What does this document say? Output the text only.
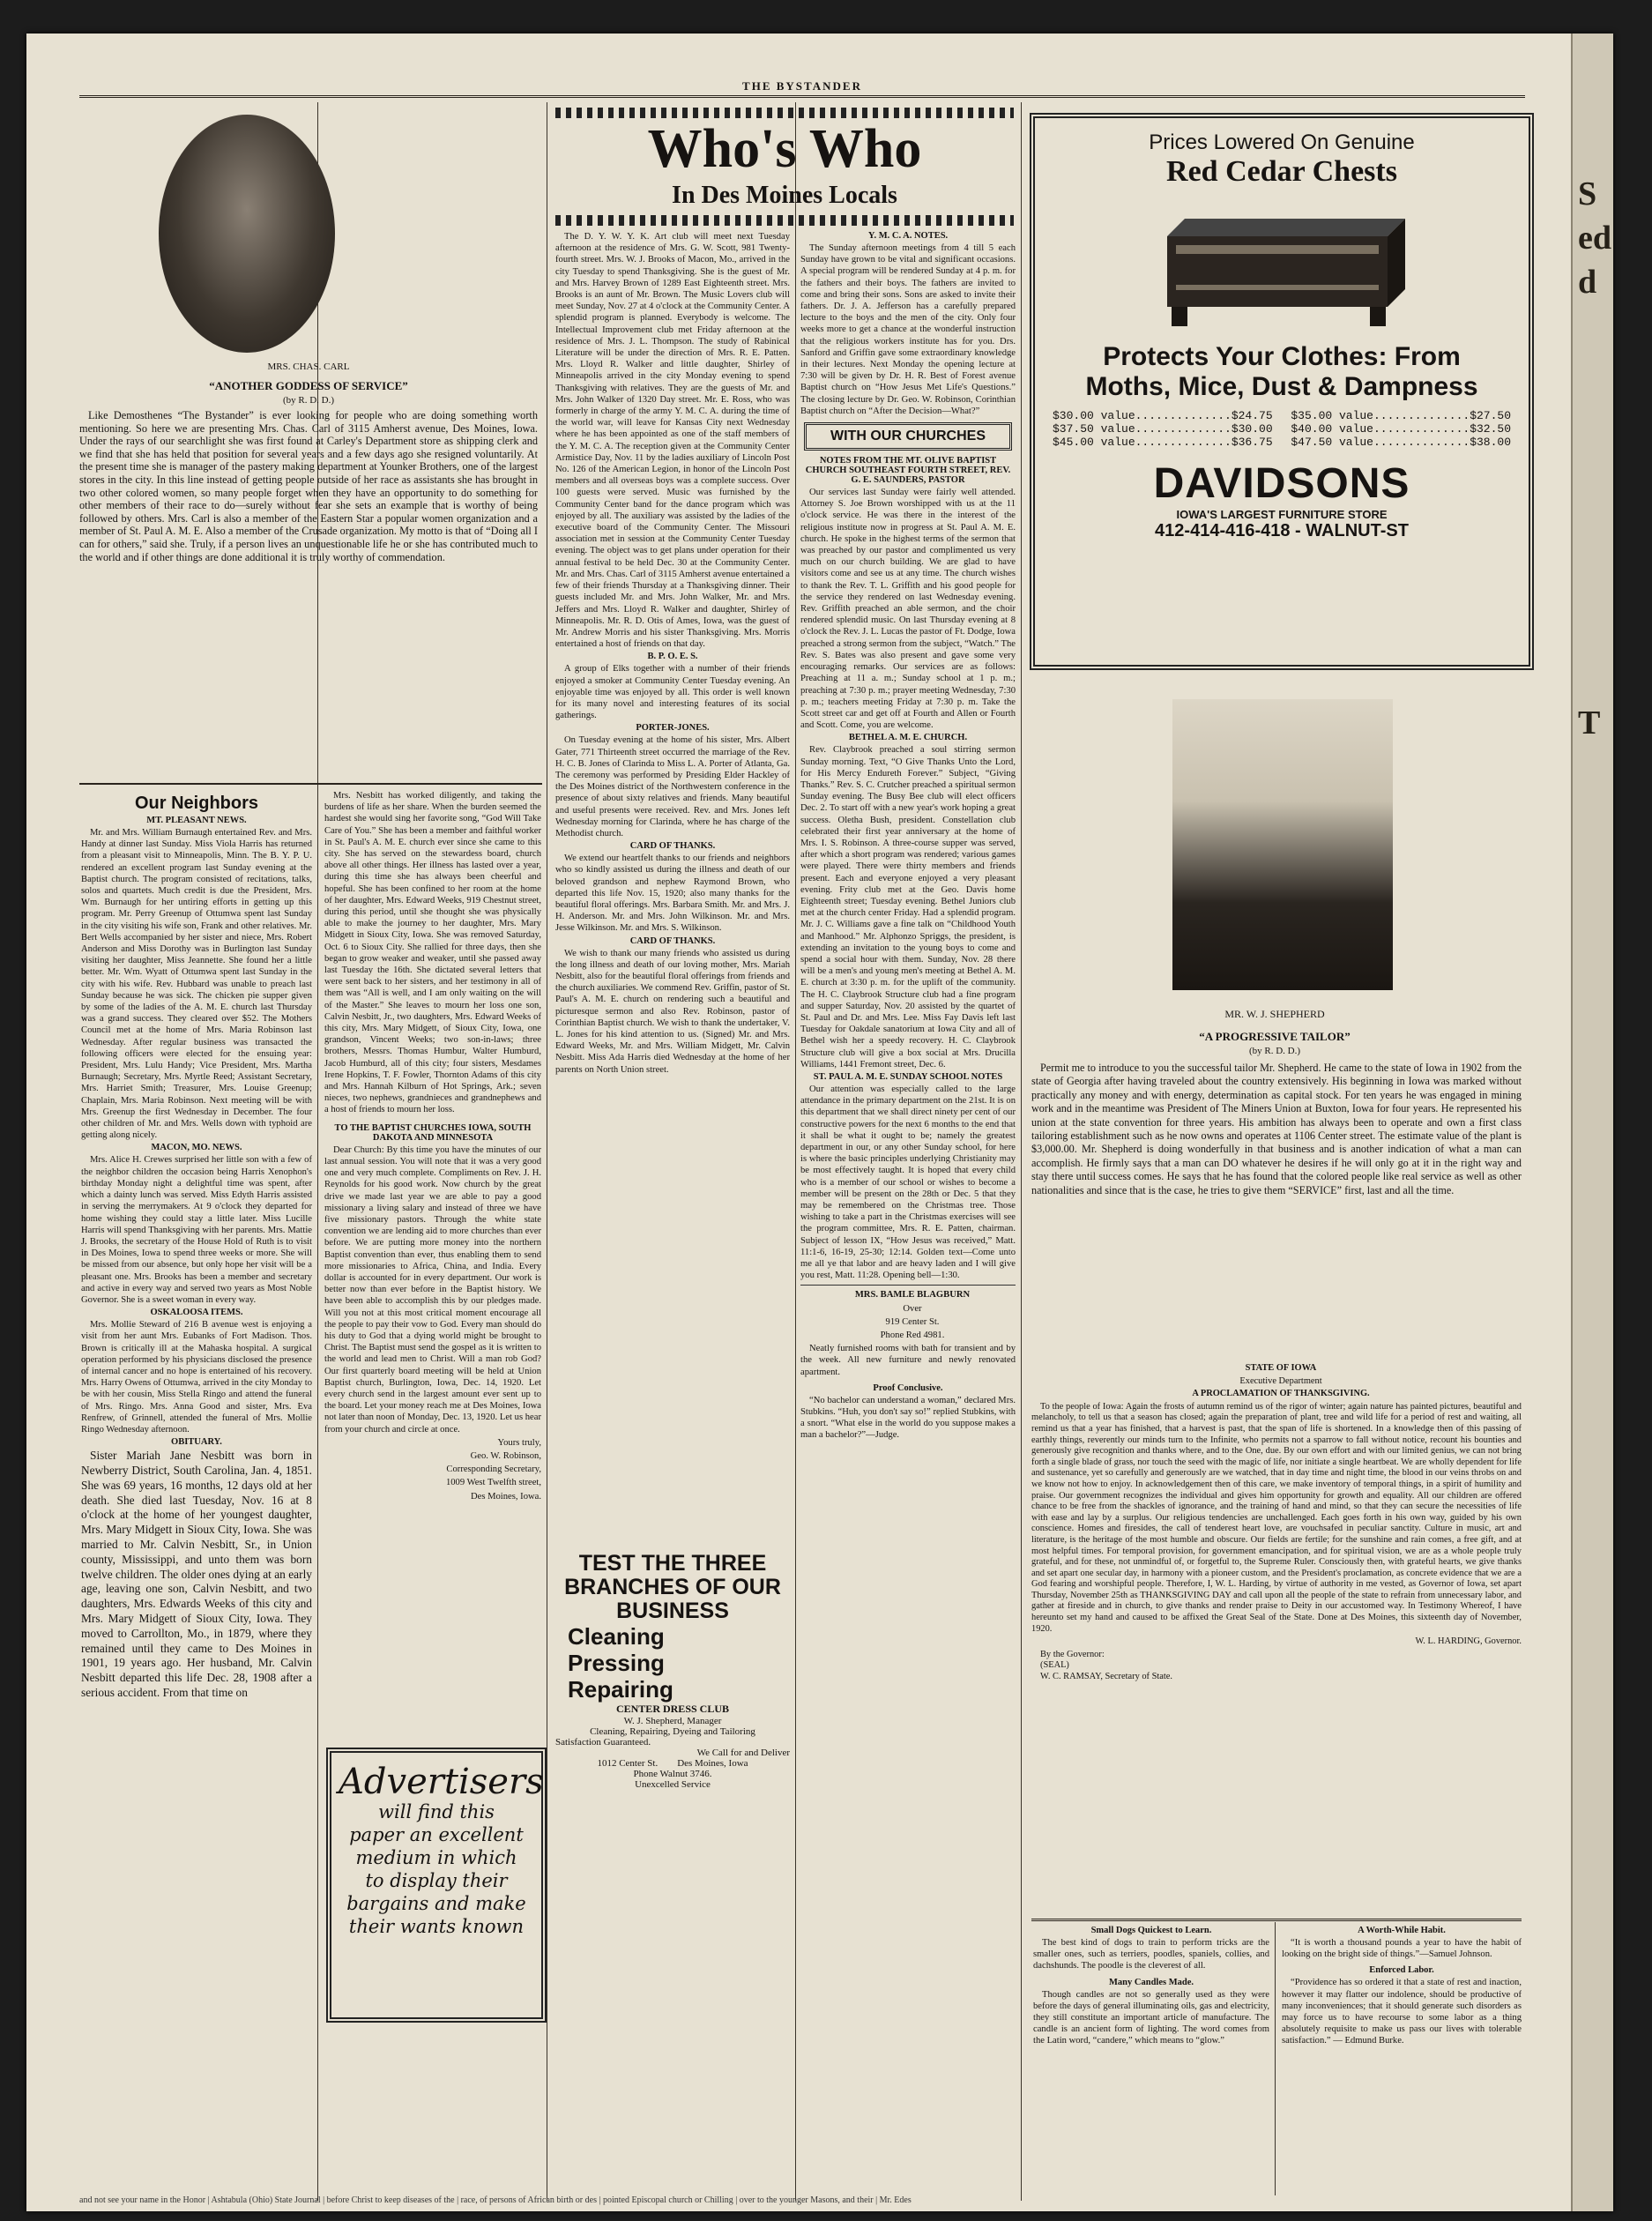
THE BYSTANDER
MRS. CHAS. CARL
“ANOTHER GODDESS OF SERVICE”
(by R. D. D.)

Like Demosthenes “The Bystander” is ever looking for people who are doing something worth mentioning. So here we are presenting Mrs. Chas. Carl of 3115 Amherst avenue, Des Moines, Iowa. Under the rays of our searchlight she was first found at Carley's Department store as shipping clerk and we find that she has held that position for several years and a few days ago she resigned voluntarily. At the present time she is manager of the pastery making department at Younker Brothers, one of the largest stores in the city. In this line instead of getting people outside of her race as assistants she has brought in two other colored women, so many people forget when they have an opportunity to do something for other members of their race to do—surely without fear she sets an example that is worthy of being followed by others. Mrs. Carl is also a member of the Eastern Star a popular women organization and a member of St. Paul A. M. E. Also a member of the Crusade organization. My motto is that of “Doing all I can for others,” said she. Truly, if a person lives an unquestionable life he or she has contributed much to the world and if other things are done additional it is truly worthy of commendation.

Our Neighbors
MT. PLEASANT NEWS.

Mr. and Mrs. William Burnaugh entertained Rev. and Mrs. Handy at dinner last Sunday. Miss Viola Harris has returned from a pleasant visit to Minneapolis, Minn. The B. Y. P. U. rendered an excellent program last Sunday evening at the Baptist church. The program consisted of recitations, talks, solos and quartets. Much credit is due the President, Mrs. Wm. Burnaugh for her untiring efforts in getting up this program. Mr. Perry Greenup of Ottumwa spent last Sunday in the city visiting his wife son, Frank and other relatives. Mr. Bert Wells accompanied by her sister and niece, Mrs. Robert Anderson and Miss Dorothy was in Burlington last Sunday visiting her daughter, Miss Jeannette. She found her a little better. Mr. Wm. Wyatt of Ottumwa spent last Sunday in the city with his wife. Rev. Hubbard was unable to preach last Sunday because he was sick. The chicken pie supper given by some of the ladies of the A. M. E. church last Thursday was a grand success. They cleared over $52. The Mothers Council met at the home of Mrs. Maria Robinson last Wednesday. After regular business was transacted the following officers were elected for the ensuing year: President, Mrs. Lulu Handy; Vice President, Mrs. Martha Burnaugh; Secretary, Mrs. Myrtle Reed; Assistant Secretary, Mrs. Harriet Smith; Treasurer, Mrs. Louise Greenup; Chaplain, Mrs. Maria Robinson. Next meeting will be with Mrs. Greenup the first Wednesday in December. The four other children of Mr. and Mrs. Wells down with typhoid are getting along nicely.

MACON, MO. NEWS.

Mrs. Alice H. Crewes surprised her little son with a few of the neighbor children the occasion being Harris Xenophon's birthday Monday night a delightful time was spent, after which a dainty lunch was served. Miss Edyth Harris assisted in serving the merrymakers. At 9 o'clock they departed for home wishing they could stay a little later. Miss Lucille Harris will spend Thanksgiving with her parents. Mrs. Mattie J. Brooks, the secretary of the House Hold of Ruth is to visit in Des Moines, Iowa to spend three weeks or more. She will be missed from our absence, but only hope her visit will be a pleasant one. Mrs. Brooks has been a member and secretary and active in every way and served two years as Most Noble Governor. She is a sweet woman in every way.

OSKALOOSA ITEMS.

Mrs. Mollie Steward of 216 B avenue west is enjoying a visit from her aunt Mrs. Eubanks of Fort Madison. Thos. Brown is critically ill at the Mahaska hospital. A surgical operation performed by his physicians disclosed the presence of internal cancer and no hope is entertained of his recovery. Mrs. Harry Owens of Ottumwa, arrived in the city Monday to be with her cousin, Miss Stella Ringo and attend the funeral of Mrs. Ringo. Mrs. Anna Good and sister, Mrs. Eva Renfrew, of Grinnell, attended the funeral of Mrs. Mollie Ringo Wednesday afternoon.

OBITUARY.

Sister Mariah Jane Nesbitt was born in Newberry District, South Carolina, Jan. 4, 1851. She was 69 years, 16 months, 12 days old at her death. She died last Tuesday, Nov. 16 at 8 o'clock at the home of her youngest daughter, Mrs. Mary Midgett in Sioux City, Iowa. She was married to Mr. Calvin Nesbitt, Sr., in Union county, Mississippi, and unto them was born twelve children. The older ones dying at an early age, leaving one son, Calvin Nesbitt, and two daughters, Mrs. Edwards Weeks of this city and Mrs. Mary Midgett of Sioux City, Iowa. They moved to Carrollton, Mo., in 1879, where they remained until they came to Des Moines in 1901, 19 years ago. Her husband, Mr. Calvin Nesbitt departed this life Dec. 28, 1908 after a serious accident. From that time on

Mrs. Nesbitt has worked diligently, and taking the burdens of life as her share. When the burden seemed the hardest she would sing her favorite song, “God Will Take Care of You.” She has been a member and faithful worker in St. Paul's A. M. E. church ever since she came to this city. She has served on the stewardess board, church above all other things. Her illness has lasted over a year, during this time she has always been cheerful and hopeful. She has been confined to her room at the home of her daughter, Mrs. Edward Weeks, 919 Chestnut street, during this period, until she thought she was physically able to make the journey to her daughter, Mrs. Mary Midgett in Sioux City, Iowa. She was removed Saturday, Oct. 6 to Sioux City. She rallied for three days, then she began to grow weaker and weaker, until she passed away last Tuesday the 16th. She dictated several letters that were sent back to her sisters, and her testimony in all of them was “All is well, and I am only waiting on the will of the Master.” She leaves to mourn her loss one son, Calvin Nesbitt, Jr., two daughters, Mrs. Edward Weeks of this city, Mrs. Mary Midgett, of Sioux City, Iowa, one grandson, Vincent Weeks; two son-in-laws; three brothers, Messrs. Thomas Humbur, Walter Humburd, Jacob Humburd, all of this city; four sisters, Mesdames Irene Hopkins, T. F. Fowler, Thornton Adams of this city and Mrs. Hannah Kilburn of Hot Springs, Ark.; seven nieces, two nephews, grandnieces and grandnephews and a host of friends to mourn her loss.

TO THE BAPTIST CHURCHES IOWA, SOUTH DAKOTA AND MINNESOTA

Dear Church: By this time you have the minutes of our last annual session. You will note that it was a very good one and very much complete. Compliments on Rev. J. H. Reynolds for his good work. Now church by the great drive we made last year we are able to pay a good missionary a living salary and instead of three we have five missionary pastors. Through the white state convention we are lending aid to more churches than ever before. We are putting more money into the northern Baptist convention than ever, thus enabling them to send more missionaries to Africa, China, and India. Every dollar is accounted for in every department. Our work is better now than ever before in the Baptist history. We have been able to accomplish this by our pledges made. Will you not at this most critical moment encourage all the people to pay their vow to God. Every man should do his duty to God that a dying world might be brought to Christ. The Baptist must send the gospel as it is written to the world and lead men to Christ. Will a man rob God? Our first quarterly board meeting will be held at Union Baptist church, Burlington, Iowa, Dec. 14, 1920. Let every church send in the largest amount ever sent up to the board. Let your money reach me at Des Moines, Iowa not later than noon of Monday, Dec. 13, 1920. Let us hear from your church and circle at once.

Yours truly,

Geo. W. Robinson,

Corresponding Secretary,

1009 West Twelfth street,

Des Moines, Iowa.

Advertisers
will find this
paper an excellent
medium in which
to display their
bargains and make
their wants known
Who's Who
In Des Moines Locals

The D. Y. W. Y. K. Art club will meet next Tuesday afternoon at the residence of Mrs. G. W. Scott, 981 Twenty-fourth street. Mrs. W. J. Brooks of Macon, Mo., arrived in the city Tuesday to spend Thanksgiving. She is the guest of Mr. and Mrs. Harvey Brown of 1289 East Eighteenth street. Mrs. Brooks is an aunt of Mr. Brown. The Music Lovers club will meet Sunday, Nov. 27 at 4 o'clock at the Community Center. A splendid program is planned. Everybody is welcome. The Intellectual Improvement club met Friday afternoon at the residence of Mrs. J. L. Thompson. The study of Rabinical Literature will be under the direction of Mrs. R. E. Patten. Mrs. Lloyd R. Walker and little daughter, Shirley of Minneapolis arrived in the city Monday evening to spend Thanksgiving with relatives. They are the guests of Mr. and Mrs. John Walker of 1320 Day street. Mr. E. Ross, who was formerly in charge of the army Y. M. C. A. during the time of the world war, will leave for Kansas City next Wednesday where he has been appointed as one of the staff members of the Y. M. C. A. The reception given at the Community Center Armistice Day, Nov. 11 by the ladies auxiliary of Lincoln Post No. 126 of the American Legion, in honor of the Lincoln Post members and all overseas boys was a complete success. Over 100 guests were served. Music was furnished by the Community Center band for the dance program which was enjoyed by all. The auxiliary was assisted by the ladies of the executive board of the Community Center. The Missouri association met in session at the Community Center Tuesday evening. The object was to get plans under operation for their annual festival to be held Dec. 30 at the Community Center. Mr. and Mrs. Chas. Carl of 3115 Amherst avenue entertained a few of their friends Thursday at a Thanksgiving dinner. Their guests included Mr. and Mrs. John Walker, Mr. and Mrs. Jeffers and Mrs. Lloyd R. Walker and daughter, Shirley of Minneapolis. Mr. R. D. Otis of Ames, Iowa, was the guest of Mr. Andrew Morris and his sister Thanksgiving. Mrs. Morris entertained a host of friends on that day.

B. P. O. E. S.

A group of Elks together with a number of their friends enjoyed a smoker at Community Center Tuesday evening. An enjoyable time was enjoyed by all. This order is well known for its many novel and interesting features of its social gatherings.

PORTER-JONES.

On Tuesday evening at the home of his sister, Mrs. Albert Gater, 771 Thirteenth street occurred the marriage of the Rev. H. C. B. Jones of Clarinda to Miss L. A. Porter of Atlanta, Ga. The ceremony was performed by Presiding Elder Hackley of the Des Moines district of the Northwestern conference in the presence of about sixty relatives and friends. Many beautiful and useful presents were received. Rev. and Mrs. Jones left Wednesday morning for Clarinda, where he has charge of the Methodist church.

CARD OF THANKS.

We extend our heartfelt thanks to our friends and neighbors who so kindly assisted us during the illness and death of our beloved grandson and nephew Raymond Brown, who departed this life Nov. 15, 1920; also many thanks for the beautiful floral offerings. Mrs. Barbara Smith. Mr. and Mrs. J. H. Anderson. Mr. and Mrs. John Wilkinson. Mr. and Mrs. Jesse Wilkinson. Mr. and Mrs. S. Wilkinson.

CARD OF THANKS.

We wish to thank our many friends who assisted us during the long illness and death of our loving mother, Mrs. Mariah Nesbitt, also for the beautiful floral offerings from friends and the church auxiliaries. We commend Rev. Griffin, pastor of St. Paul's A. M. E. church on rendering such a beautiful and picturesque sermon and also Rev. Robinson, pastor of Corinthian Baptist church. We wish to thank the undertaker, V. L. Jones for his kind attention to us. (Signed) Mr. and Mrs. Edward Weeks, Mr. and Mrs. William Midgett, Mr. Calvin Nesbitt. Miss Ada Harris died Wednesday at the home of her parents on North Union street.

TEST THE THREE
BRANCHES OF OUR
BUSINESS
Cleaning
Pressing
Repairing
CENTER DRESS CLUB
W. J. Shepherd, Manager
Cleaning, Repairing, Dyeing and Tailoring
Satisfaction Guaranteed.
We Call for and Deliver
1012 Center St.        Des Moines, Iowa
Phone Walnut 3746.
Unexcelled Service
Y. M. C. A. NOTES.

The Sunday afternoon meetings from 4 till 5 each Sunday have grown to be vital and significant occasions. A special program will be rendered Sunday at 4 p. m. for the fathers and their boys. The fathers are invited to come and bring their sons. Sons are asked to invite their fathers. Dr. J. A. Jefferson has a carefully prepared lecture to the boys and the men of the city. Only four weeks more to get a chance at the wonderful instruction that the religious workers institute has for you. Drs. Sanford and Griffin gave some extraordinary knowledge in their lectures. Next Monday the opening lecture at 7:30 will be given by Dr. H. R. Best of Forest avenue Baptist church on “How Jesus Met Life's Questions.” The closing lecture by Dr. Geo. W. Robinson, Corinthian Baptist church on “After the Decision—What?”

WITH OUR CHURCHES
NOTES FROM THE MT. OLIVE BAPTIST CHURCH SOUTHEAST FOURTH STREET, REV. G. E. SAUNDERS, PASTOR

Our services last Sunday were fairly well attended. Attorney S. Joe Brown worshipped with us at the 11 o'clock service. He was there in the interest of the religious institute now in progress at St. Paul A. M. E. church. He spoke in the highest terms of the sermon that was preached by our pastor and complimented us very much on our church building. We are glad to have visitors come and see us at any time. The church wishes to thank the Rev. T. L. Griffith and his good people for the service they rendered on last Wednesday evening. Rev. Griffith preached an able sermon, and the choir rendered splendid music. On last Thursday evening at 8 o'clock the Rev. J. L. Lucas the pastor of Ft. Dodge, Iowa preached a strong sermon from the subject, “Watch.” The Rev. S. Bates was also present and gave some very encouraging remarks. Our services are as follows: Preaching at 11 a. m.; Sunday school at 1 p. m.; preaching at 7:30 p. m.; prayer meeting Wednesday, 7:30 p. m.; teachers meeting Friday at 7:30 p. m. Take the Scott street car and get off at Fourth and Allen or Fourth and Scott. Come, you are welcome.

BETHEL A. M. E. CHURCH.

Rev. Claybrook preached a soul stirring sermon Sunday morning. Text, “O Give Thanks Unto the Lord, for His Mercy Endureth Forever.” Subject, “Giving Thanks.” Rev. S. C. Crutcher preached a spiritual sermon Sunday evening. The Busy Bee club will elect officers Dec. 2. To start off with a new year's work hoping a great success. Oletha Bush, president. Constellation club celebrated their first year anniversary at the home of Mrs. I. S. Robinson. A three-course supper was served, after which a short program was rendered; various games were played. There were thirty members and friends present. Each and everyone enjoyed a very pleasant evening. Frity club met at the Geo. Davis home Eighteenth street; Tuesday evening. Bethel Juniors club met at the church center Friday. Had a splendid program. Mr. J. C. Williams gave a fine talk on “Childhood Youth and Manhood.” Mr. Alphonzo Spriggs, the president, is extending an invitation to the young boys to come and spend a social hour with them. Sunday, Nov. 28 there will be a men's and young men's meeting at Bethel A. M. E. church at 3:30 p. m. for the uplift of the community. The H. C. Claybrook Structure club had a fine program and supper Saturday, Nov. 20 assisted by the quartet of St. Paul and Dr. and Mrs. Lee. Miss Fay Davis left last Tuesday for Oakdale sanatorium at Iowa City and all of Bethel wish her a speedy recovery. H. C. Claybrook Structure club will give a box social at Mrs. Drucilla Williams, 1441 Fremont street, Dec. 6.

ST. PAUL A. M. E. SUNDAY SCHOOL NOTES

Our attention was especially called to the large attendance in the primary department on the 21st. It is on this department that we shall direct ninety per cent of our constructive powers for the next 6 months to the end that it shall be what it ought to be; namely the greatest department in our, or any other Sunday school, for here is where the basic principles underlying Christianity may be most effectively taught. It is hoped that every child who is a member of our school or wishes to become a member will be present on the 28th or Dec. 5 that they may be remembered on the Christmas tree. Those wishing to take a part in the Christmas exercises will see the program committee, Mrs. R. E. Patten, chairman. Subject of lesson IX, “How Jesus was received,” Matt. 11:1-6, 16-19, 25-30; 12:14. Golden text—Come unto me all ye that labor and are heavy laden and I will give you rest, Matt. 11:28. Opening bell—1:30.

MRS. BAMLE BLAGBURN

Over

919 Center St.

Phone Red 4981.

Neatly furnished rooms with bath for transient and by the week. All new furniture and newly renovated apartment.

Proof Conclusive.

“No bachelor can understand a woman,” declared Mrs. Stubkins. “Huh, you don't say so!” replied Stubkins, with a snort. “What else in the world do you suppose makes a man a bachelor?”—Judge.

Prices Lowered On Genuine
Red Cedar Chests
Protects Your Clothes: From
Moths, Mice, Dust & Dampness
$30.00 value..............$24.75
$37.50 value..............$30.00
$45.00 value..............$36.75
$35.00 value..............$27.50
$40.00 value..............$32.50
$47.50 value..............$38.00
DAVIDSONS
IOWA'S LARGEST FURNITURE STORE
412-414-416-418 - WALNUT-ST
MR. W. J. SHEPHERD
“A PROGRESSIVE TAILOR”
(by R. D. D.)

Permit me to introduce to you the successful tailor Mr. Shepherd. He came to the state of Iowa in 1902 from the state of Georgia after having traveled about the country extensively. His beginning in Iowa was marked without practically any money and with energy, determination as capital stock. For ten years he was engaged in mining work and in the meantime was President of The Miners Union at Buxton, Iowa for four years. He represented his union at the state convention for three years. His ambition has always been to operate and own a first class tailoring establishment such as he now owns and operates at 1106 Center street. The estimate value of the plant is $3,000.00. Mr. Shepherd is doing wonderfully in that business and is another indication of what a man can accomplish. He firmly says that a man can DO whatever he desires if he will only go at it in the right way and stay there until success comes. He says that he has found that the colored people like real service as well as other nationalities and since that is the case, he tries to give them “SERVICE” first, last and all the time.

STATE OF IOWA

Executive Department

A PROCLAMATION OF THANKSGIVING.

To the people of Iowa: Again the frosts of autumn remind us of the rigor of winter; again nature has painted pictures, beautiful and melancholy, to tell us that a season has closed; again the preparation of plant, tree and wild life for a period of rest and waiting, all remind us that a year has finished, that a harvest is past, that the span of life is shortened. In a knowledge then of this passing of earthly things, reverently our minds turn to the Infinite, who permits not a sparrow to fall without notice, recount his bounties and generously give recognition and thanks where, and to the One, due. By our own effort and with our limited genius, we can not bring forth a single blade of grass, nor touch the seed with the magic of life, nor initiate a single heartbeat. We are wholly dependent for life and sustenance, yet so carefully and generously are we watched, that in day time and night time, the blood in our veins throbs on and we know not how to enjoy. In acknowledgement then of this care, we make inventory of temporal things, in a spirit of humility and praise. Our government recognizes the individual and gives him opportunity for growth and equality. All our children are offered chance to be free from the shackles of ignorance, and the training of hand and mind, so that they can secure the necessities of life with ease and lay by a surplus. Our religious tendencies are unchallenged. Each goes forth in his own way, guided by his own conscience. Homes and firesides, the call of tenderest heart love, are vouchsafed in peculiar sanctity. Culture in music, art and literature, is the heritage of the most humble and obscure. Our fields are fertile; for the sunshine and rain comes, a free gift, and at most helpful times. For temporal provision, for government emancipation, and for spiritual vision, we are as a whole people truly grateful, and for these, not unmindful of, or forgetful to, the Supreme Ruler. Consciously then, with grateful hearts, we give thanks and set apart one secular day, in harmony with a pioneer custom, and the President's proclamation, as concrete evidence that we are a God fearing and worshipful people. Therefore, I, W. L. Harding, by virtue of authority in me vested, as Governor of Iowa, set apart Thursday, November 25th as THANKSGIVING DAY and call upon all the people of the state to refrain from unnecessary labor, and gather at fireside and in church, to give thanks and render praise to Deity in our accustomed way. In Testimony Whereof, I have hereunto set my hand and caused to be affixed the Great Seal of the State. Done at Des Moines, this sixteenth day of November, 1920.

W. L. HARDING, Governor.

By the Governor:

(SEAL)

W. C. RAMSAY, Secretary of State.

Small Dogs Quickest to Learn.

The best kind of dogs to train to perform tricks are the smaller ones, such as terriers, poodles, spaniels, collies, and dachshunds. The poodle is the cleverest of all.

Many Candles Made.

Though candles are not so generally used as they were before the days of general illuminating oils, gas and electricity, they still constitute an important article of manufacture. The candle is an ancient form of lighting. The word comes from the Latin word, “candere,” which means to “glow.”

A Worth-While Habit.

“It is worth a thousand pounds a year to have the habit of looking on the bright side of things.”—Samuel Johnson.

Enforced Labor.

“Providence has so ordered it that a state of rest and inaction, however it may flatter our indolence, should be productive of many inconveniences; that it should generate such disorders as may force us to have recourse to some labor as a thing absolutely requisite to make us pass our lives with tolerable satisfaction.” — Edmund Burke.

and not see your name in the Honor | Ashtabula (Ohio) State Journal | before Christ to keep diseases of the | race, of persons of African birth or des | pointed Episcopal church or Chilling | over to the younger Masons, and their | Mr. Edes
S
ed
d
T
